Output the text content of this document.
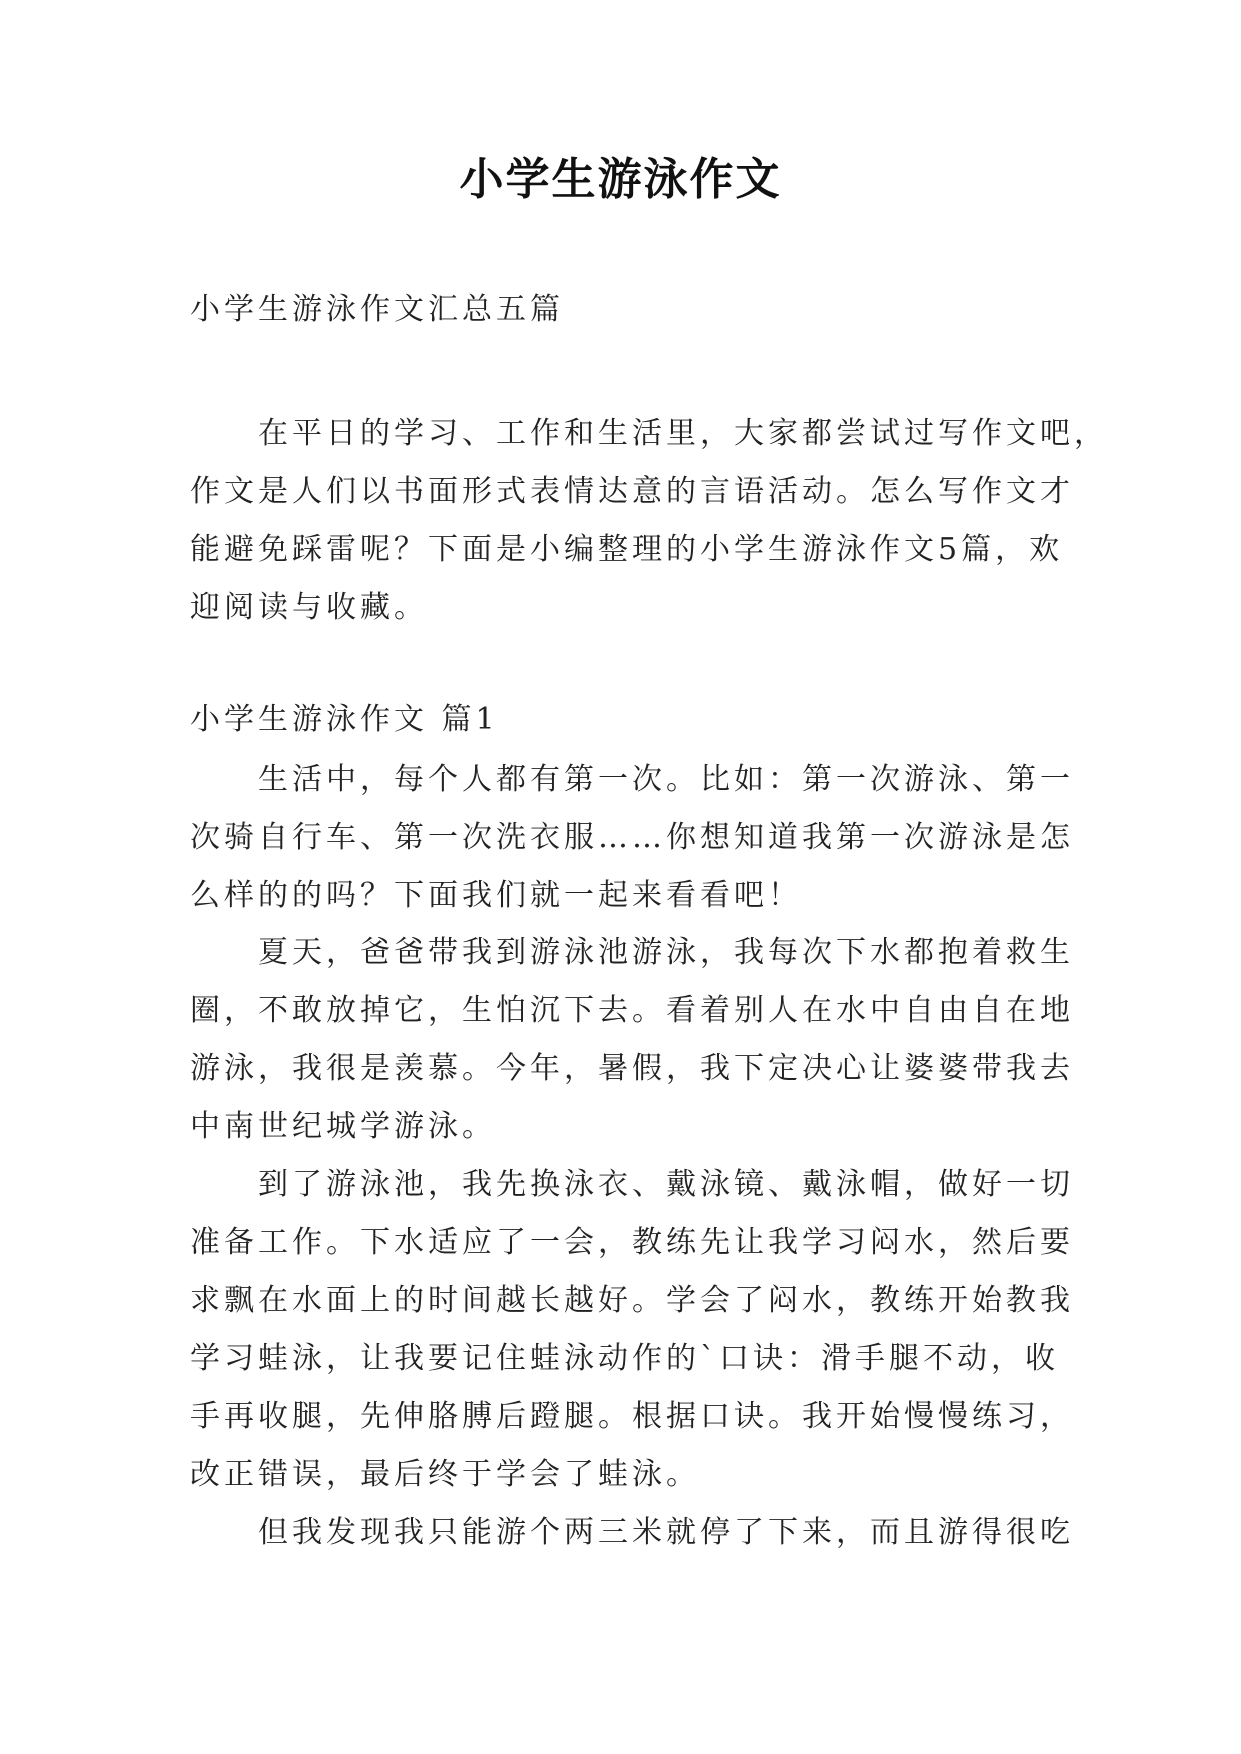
小学生游泳作文
小学生游泳作文汇总五篇
　　在平日的学习、工作和生活里，大家都尝试过写作文吧，
作文是人们以书面形式表情达意的言语活动。怎么写作文才
能避免踩雷呢？下面是小编整理的小学生游泳作文5篇，欢
迎阅读与收藏。
小学生游泳作文 篇1
　　生活中，每个人都有第一次。比如：第一次游泳、第一
次骑自行车、第一次洗衣服……你想知道我第一次游泳是怎
么样的的吗？下面我们就一起来看看吧！
　　夏天，爸爸带我到游泳池游泳，我每次下水都抱着救生
圈，不敢放掉它，生怕沉下去。看着别人在水中自由自在地
游泳，我很是羡慕。今年，暑假，我下定决心让婆婆带我去
中南世纪城学游泳。
　　到了游泳池，我先换泳衣、戴泳镜、戴泳帽，做好一切
准备工作。下水适应了一会，教练先让我学习闷水，然后要
求飘在水面上的时间越长越好。学会了闷水，教练开始教我
学习蛙泳，让我要记住蛙泳动作的`口诀：滑手腿不动，收
手再收腿，先伸胳膊后蹬腿。根据口诀。我开始慢慢练习，
改正错误，最后终于学会了蛙泳。
　　但我发现我只能游个两三米就停了下来，而且游得很吃
